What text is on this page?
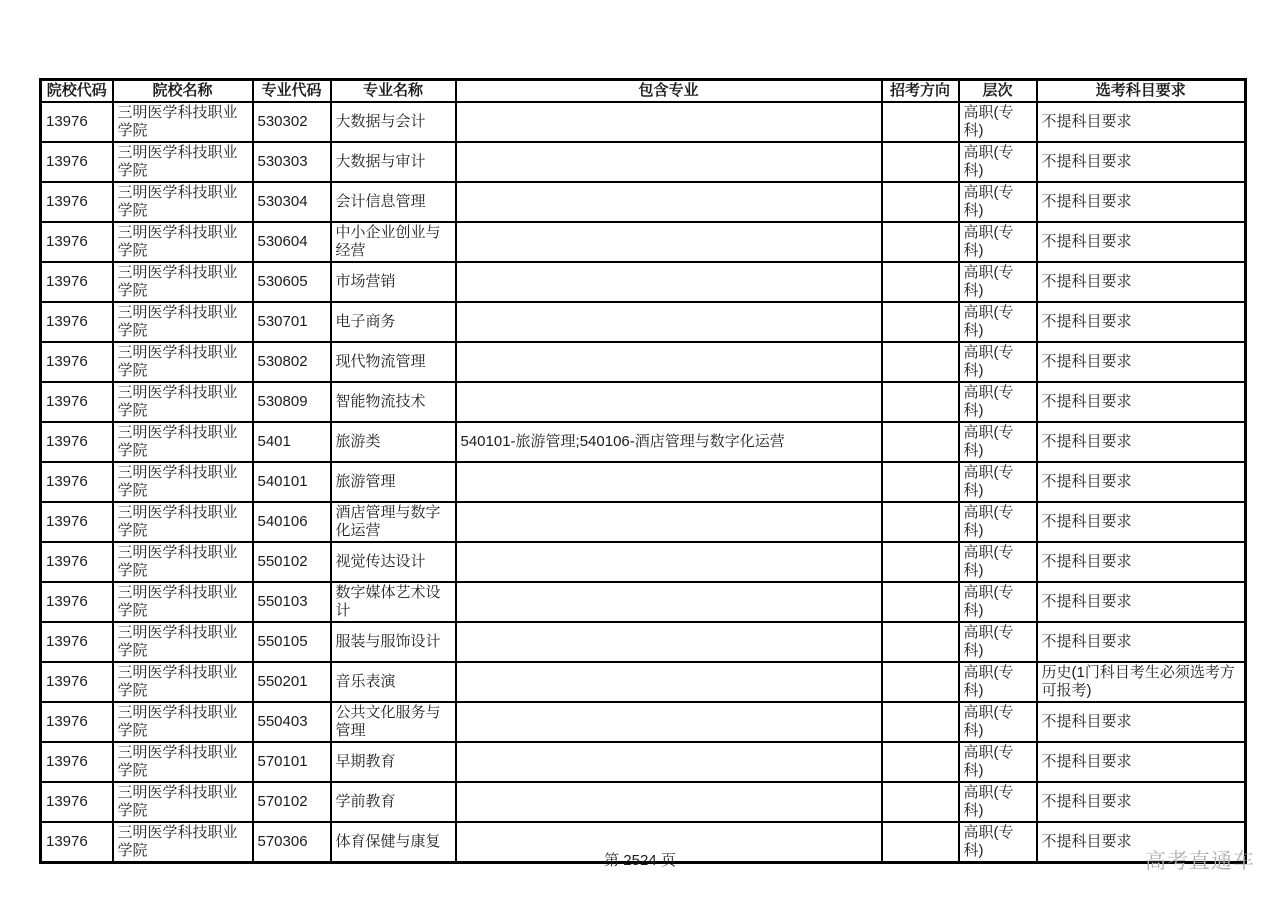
院校代码	院校名称	专业代码	专业名称	包含专业	招考方向	层次	选考科目要求
13976	三明医学科技职业学院	530302	大数据与会计			高职(专科)	不提科目要求
13976	三明医学科技职业学院	530303	大数据与审计			高职(专科)	不提科目要求
13976	三明医学科技职业学院	530304	会计信息管理			高职(专科)	不提科目要求
13976	三明医学科技职业学院	530604	中小企业创业与经营			高职(专科)	不提科目要求
13976	三明医学科技职业学院	530605	市场营销			高职(专科)	不提科目要求
13976	三明医学科技职业学院	530701	电子商务			高职(专科)	不提科目要求
13976	三明医学科技职业学院	530802	现代物流管理			高职(专科)	不提科目要求
13976	三明医学科技职业学院	530809	智能物流技术			高职(专科)	不提科目要求
13976	三明医学科技职业学院	5401	旅游类	540101-旅游管理;540106-酒店管理与数字化运营		高职(专科)	不提科目要求
13976	三明医学科技职业学院	540101	旅游管理			高职(专科)	不提科目要求
13976	三明医学科技职业学院	540106	酒店管理与数字化运营			高职(专科)	不提科目要求
13976	三明医学科技职业学院	550102	视觉传达设计			高职(专科)	不提科目要求
13976	三明医学科技职业学院	550103	数字媒体艺术设计			高职(专科)	不提科目要求
13976	三明医学科技职业学院	550105	服装与服饰设计			高职(专科)	不提科目要求
13976	三明医学科技职业学院	550201	音乐表演			高职(专科)	历史(1门科目考生必须选考方可报考)
13976	三明医学科技职业学院	550403	公共文化服务与管理			高职(专科)	不提科目要求
13976	三明医学科技职业学院	570101	早期教育			高职(专科)	不提科目要求
13976	三明医学科技职业学院	570102	学前教育			高职(专科)	不提科目要求
13976	三明医学科技职业学院	570306	体育保健与康复			高职(专科)	不提科目要求
第 2524 页	高考直通车
